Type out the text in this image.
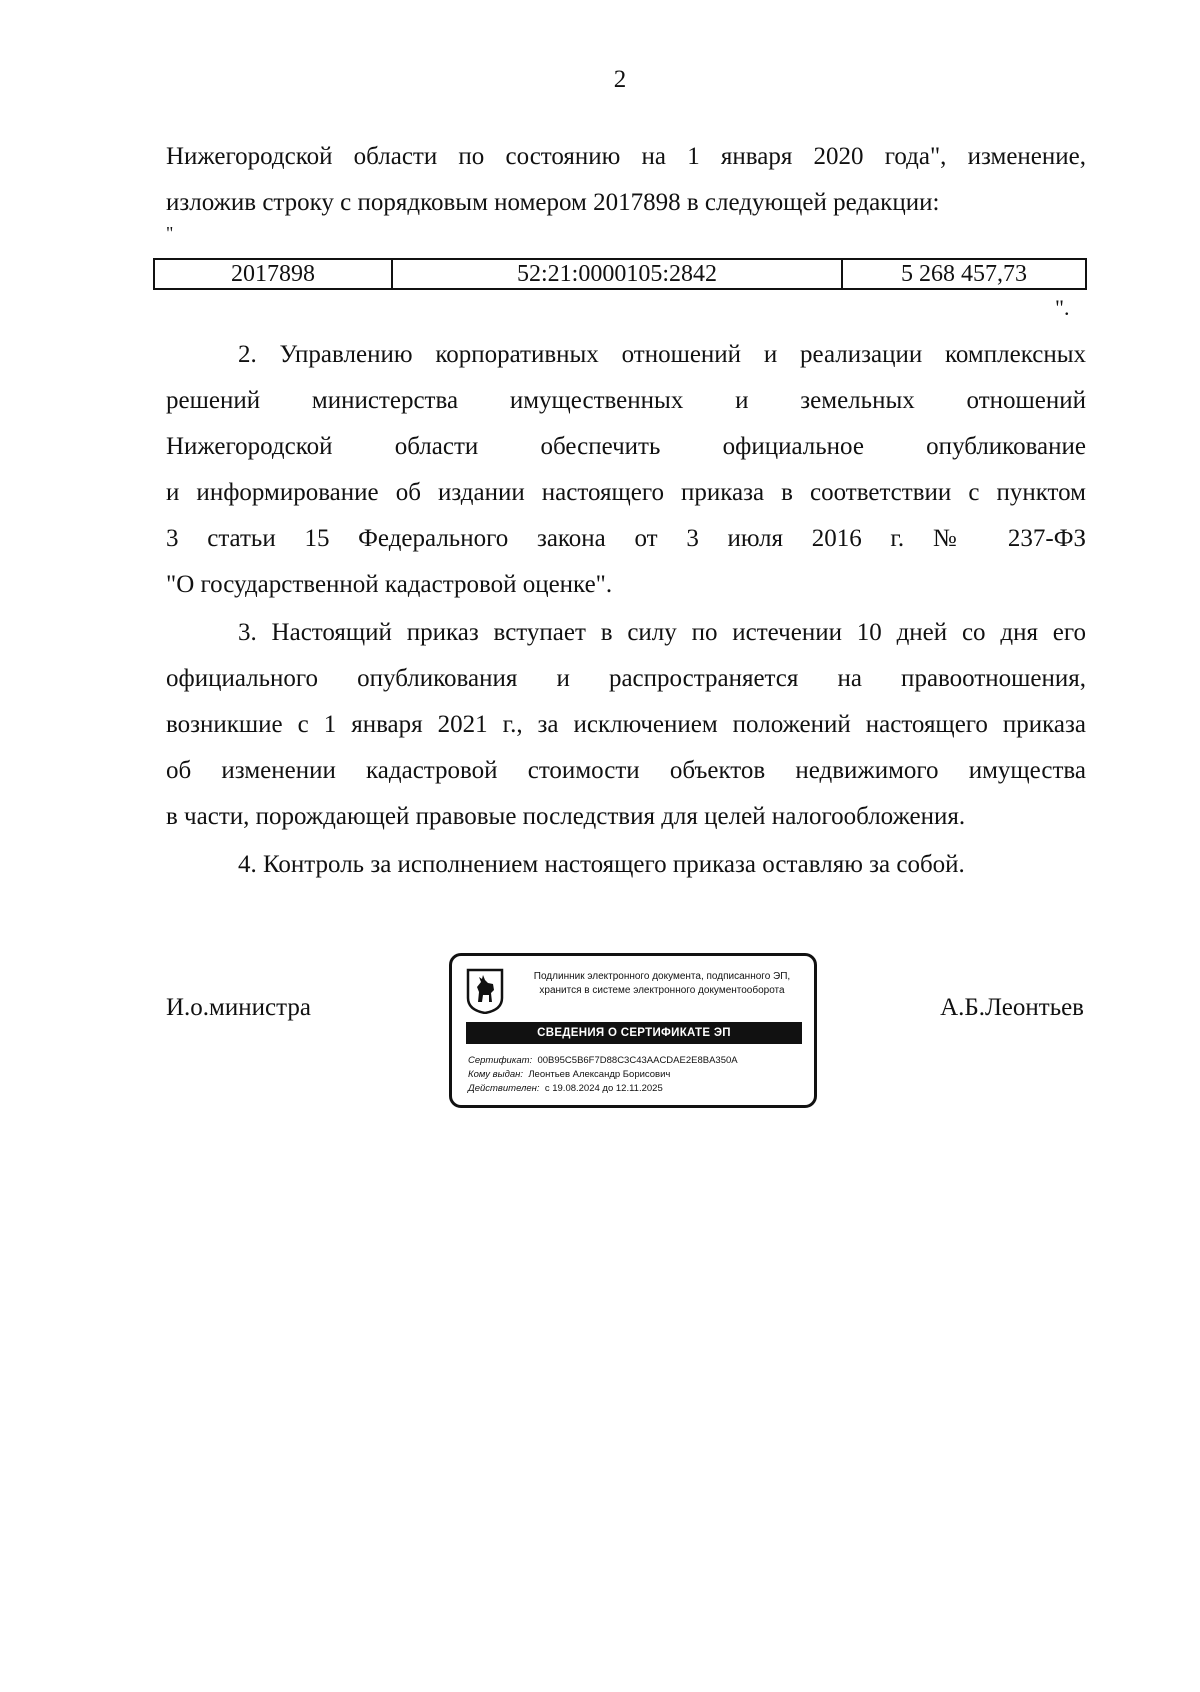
2
Нижегородской области по состоянию на 1 января 2020 года", изменение,
изложив строку с порядковым номером 2017898 в следующей редакции:
"
2017898	52:21:0000105:2842	5 268 457,73
".
2. Управлению корпоративных отношений и реализации комплексных
решений министерства имущественных и земельных отношений
Нижегородской области обеспечить официальное опубликование
и информирование об издании настоящего приказа в соответствии с пунктом
3 статьи 15 Федерального закона от 3 июля 2016 г. № 237-ФЗ
"О государственной кадастровой оценке".
3. Настоящий приказ вступает в силу по истечении 10 дней со дня его
официального опубликования и распространяется на правоотношения,
возникшие с 1 января 2021 г., за исключением положений настоящего приказа
об изменении кадастровой стоимости объектов недвижимого имущества
в части, порождающей правовые последствия для целей налогообложения.
4. Контроль за исполнением настоящего приказа оставляю за собой.
И.о.министра
Подлинник электронного документа, подписанного ЭП,
хранится в системе электронного документооборота
СВЕДЕНИЯ О СЕРТИФИКАТЕ ЭП
Сертификат: 00B95C5B6F7D88C3C43AACDAE2E8BA350A
Кому выдан: Леонтьев Александр Борисович
Действителен: с 19.08.2024 до 12.11.2025
А.Б.Леонтьев
